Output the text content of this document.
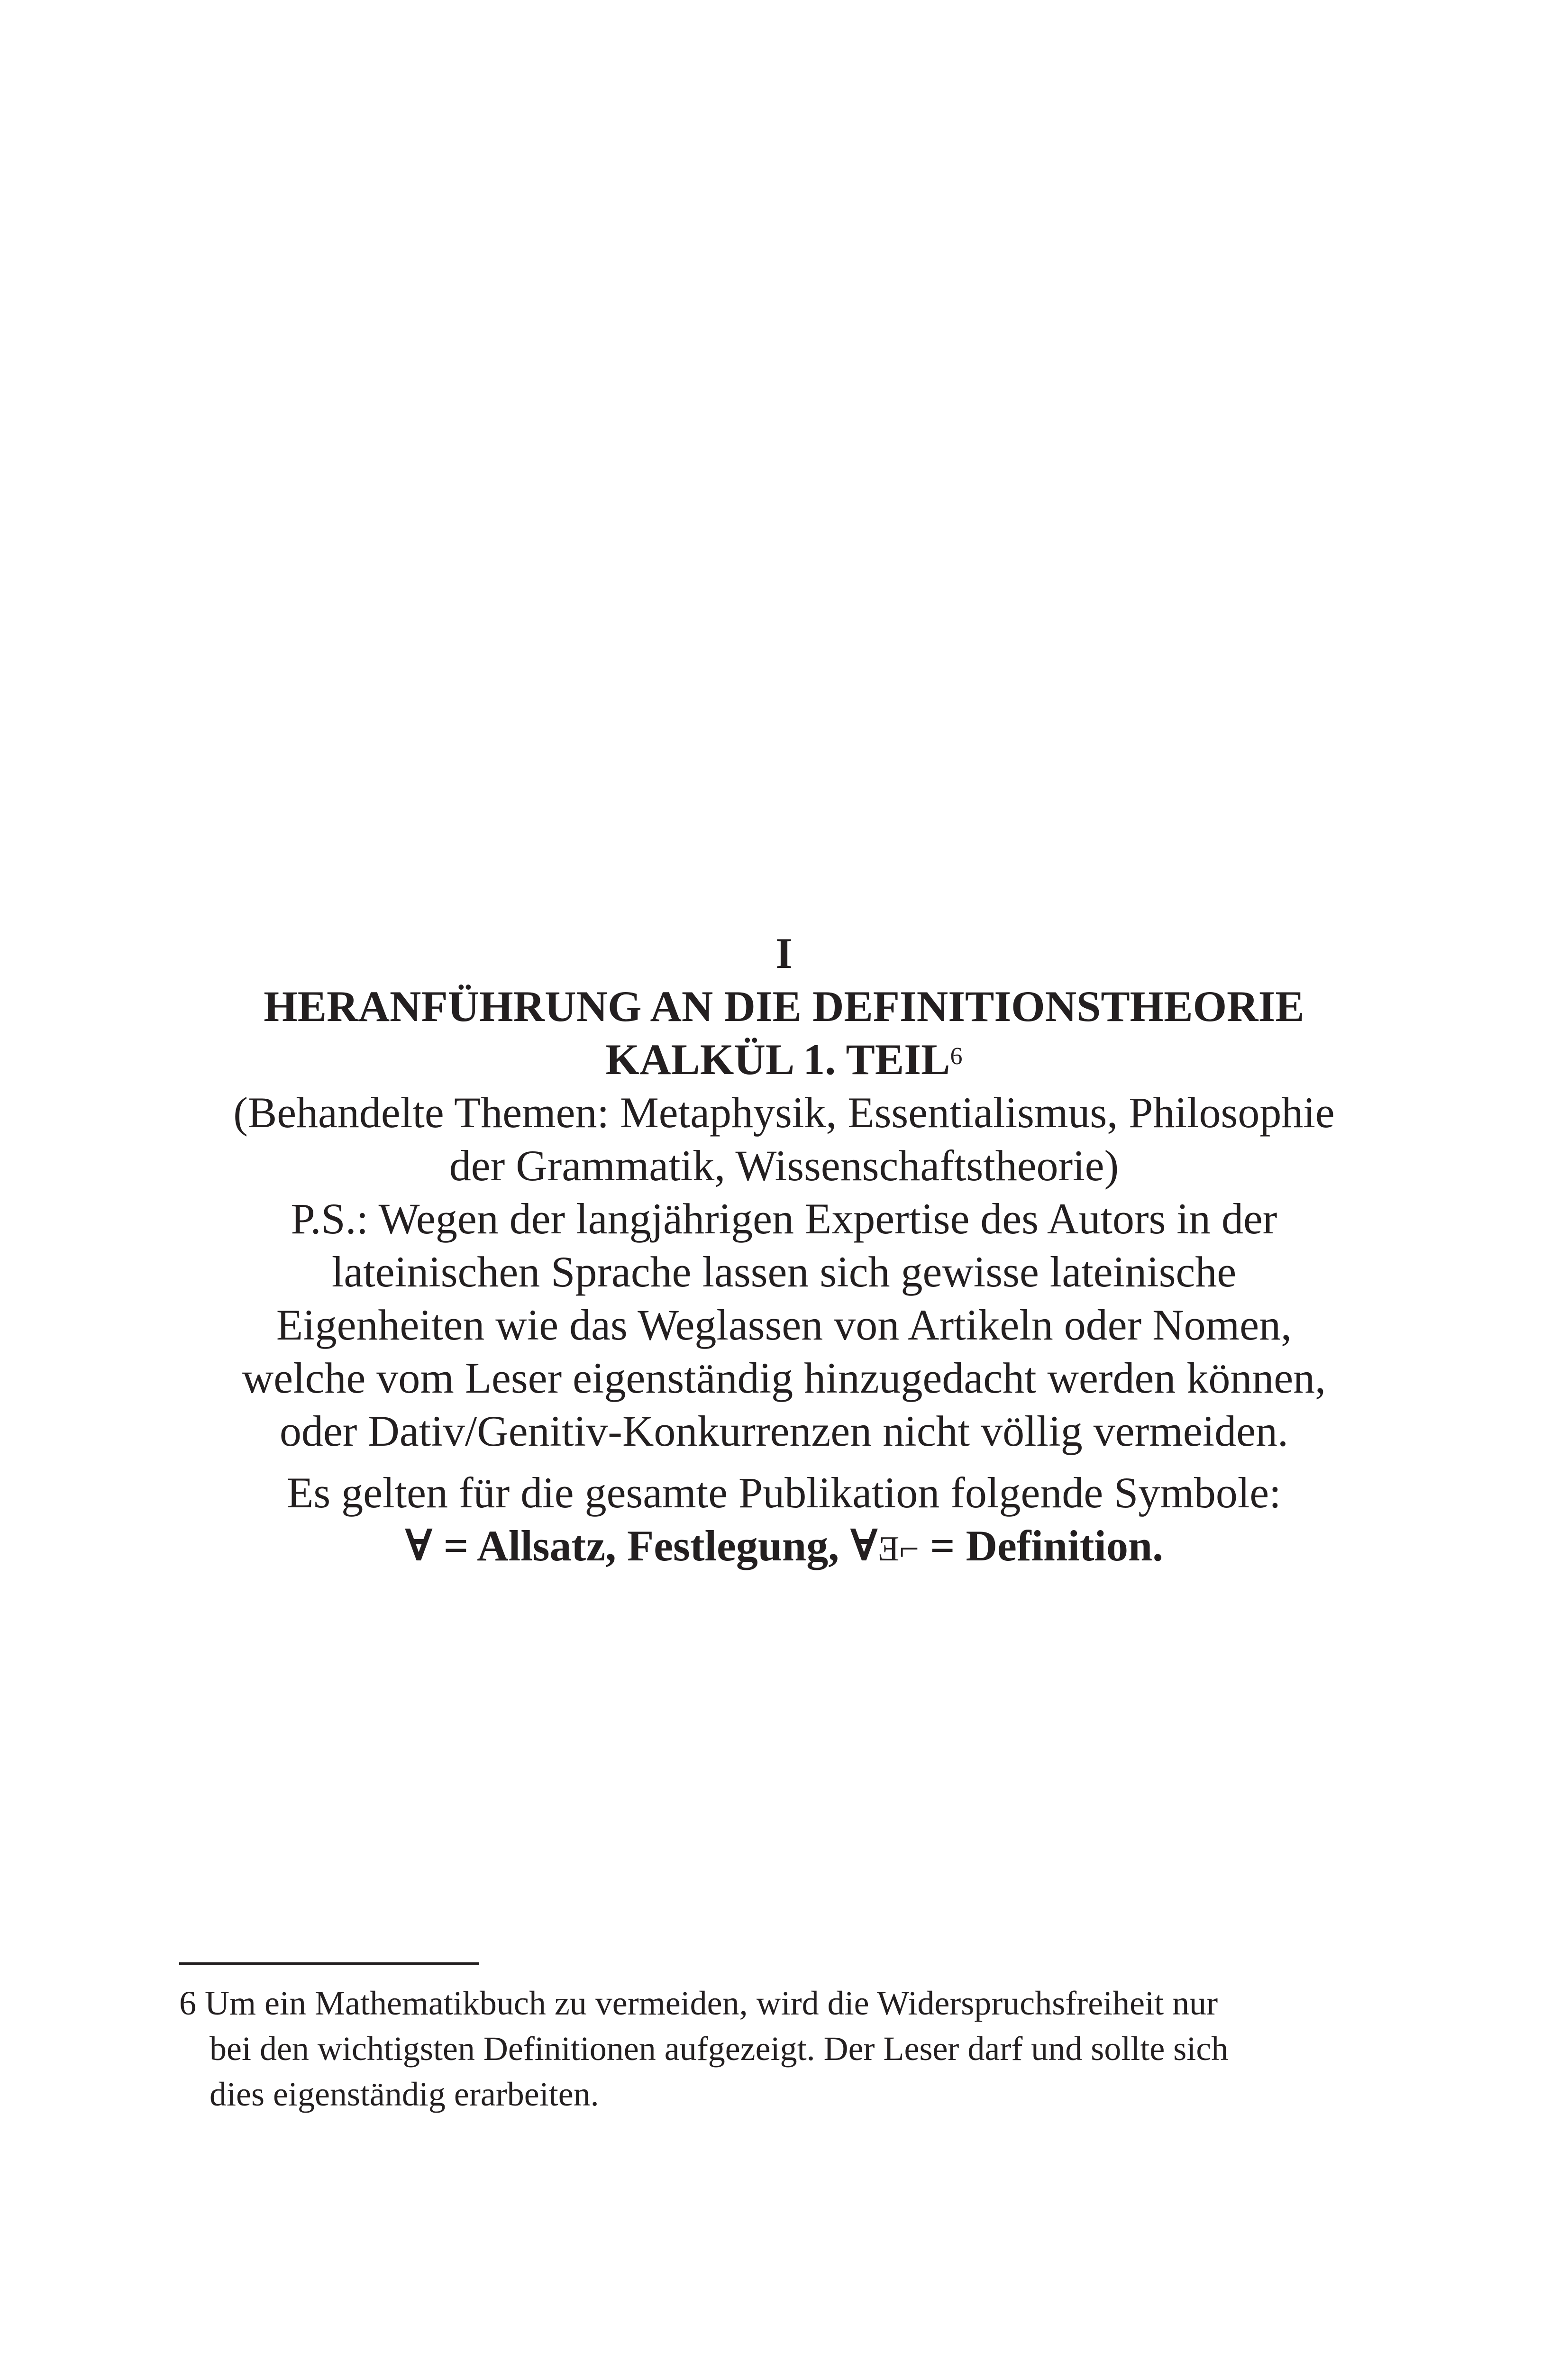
I
HERANFÜHRUNG AN DIE DEFINITIONSTHEORIE
KALKÜL 1. TEIL$^6$
(Behandelte Themen: Metaphysik, Essentialismus, Philosophie
der Grammatik, Wissenschaftstheorie)
P.S.: Wegen der langjährigen Expertise des Autors in der
lateinischen Sprache lassen sich gewisse lateinische
Eigenheiten wie das Weglassen von Artikeln oder Nomen,
welche vom Leser eigenständig hinzugedacht werden können,
oder Dativ/Genitiv-Konkurrenzen nicht völlig vermeiden.
Es gelten für die gesamte Publikation folgende Symbole:
∀ = Allsatz, Festlegung, ∀¬E = Definition.
6 Um ein Mathematikbuch zu vermeiden, wird die Widerspruchsfreiheit nur
bei den wichtigsten Definitionen aufgezeigt. Der Leser darf und sollte sich
dies eigenständig erarbeiten.
